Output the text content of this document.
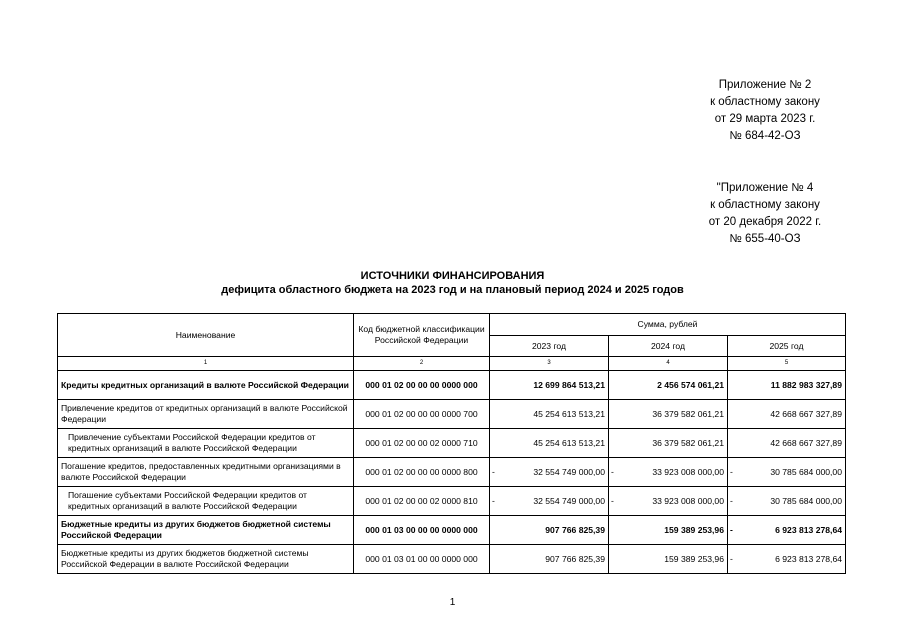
Приложение № 2
к областному закону
от 29 марта 2023 г.
№ 684-42-ОЗ
"Приложение № 4
к областному закону
от 20 декабря 2022 г.
№ 655-40-ОЗ
ИСТОЧНИКИ ФИНАНСИРОВАНИЯ
дефицита областного бюджета на 2023 год и на плановый период 2024 и 2025 годов
Наименование	Код бюджетной классификации Российской Федерации	Сумма, рублей		
		2023 год	2024 год	2025 год
1	2	3	4	5
Кредиты кредитных организаций в валюте Российской Федерации	000 01 02 00 00 00 0000 000	12 699 864 513,21	2 456 574 061,21	11 882 983 327,89
Привлечение кредитов от кредитных организаций в валюте Российской Федерации	000 01 02 00 00 00 0000 700	45 254 613 513,21	36 379 582 061,21	42 668 667 327,89
Привлечение субъектами Российской Федерации кредитов от кредитных организаций в валюте Российской Федерации	000 01 02 00 00 02 0000 710	45 254 613 513,21	36 379 582 061,21	42 668 667 327,89
Погашение кредитов, предоставленных кредитными организациями в валюте Российской Федерации	000 01 02 00 00 00 0000 800	- 32 554 749 000,00	- 33 923 008 000,00	- 30 785 684 000,00
Погашение субъектами Российской Федерации кредитов от кредитных организаций в валюте Российской Федерации	000 01 02 00 00 02 0000 810	- 32 554 749 000,00	- 33 923 008 000,00	- 30 785 684 000,00
Бюджетные кредиты из других бюджетов бюджетной системы Российской Федерации	000 01 03 00 00 00 0000 000	907 766 825,39	159 389 253,96	- 6 923 813 278,64
Бюджетные кредиты из других бюджетов бюджетной системы Российской Федерации в валюте Российской Федерации	000 01 03 01 00 00 0000 000	907 766 825,39	159 389 253,96	- 6 923 813 278,64
1
